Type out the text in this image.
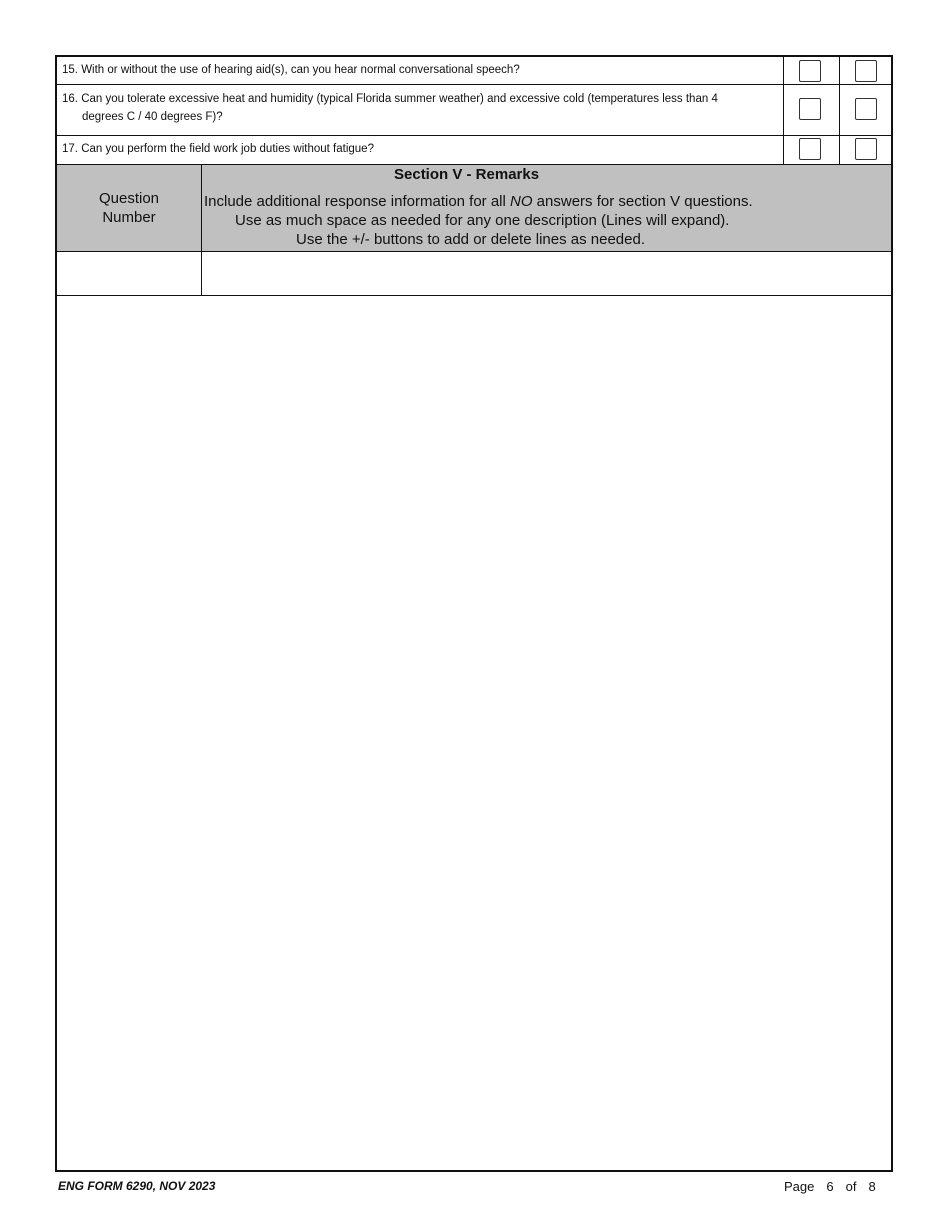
15. With or without the use of hearing aid(s), can you hear normal conversational speech?
16. Can you tolerate excessive heat and humidity (typical Florida summer weather) and excessive cold (temperatures less than 4
degrees C / 40 degrees F)?
17. Can you perform the field work job duties without fatigue?
Question
Number
Section V - Remarks
Include additional response information for all NO answers for section V questions.
Use as much space as needed for any one description (Lines will expand).
Use the +/- buttons to add or delete lines as needed.
ENG FORM 6290, NOV 2023	Page 6 of 8
